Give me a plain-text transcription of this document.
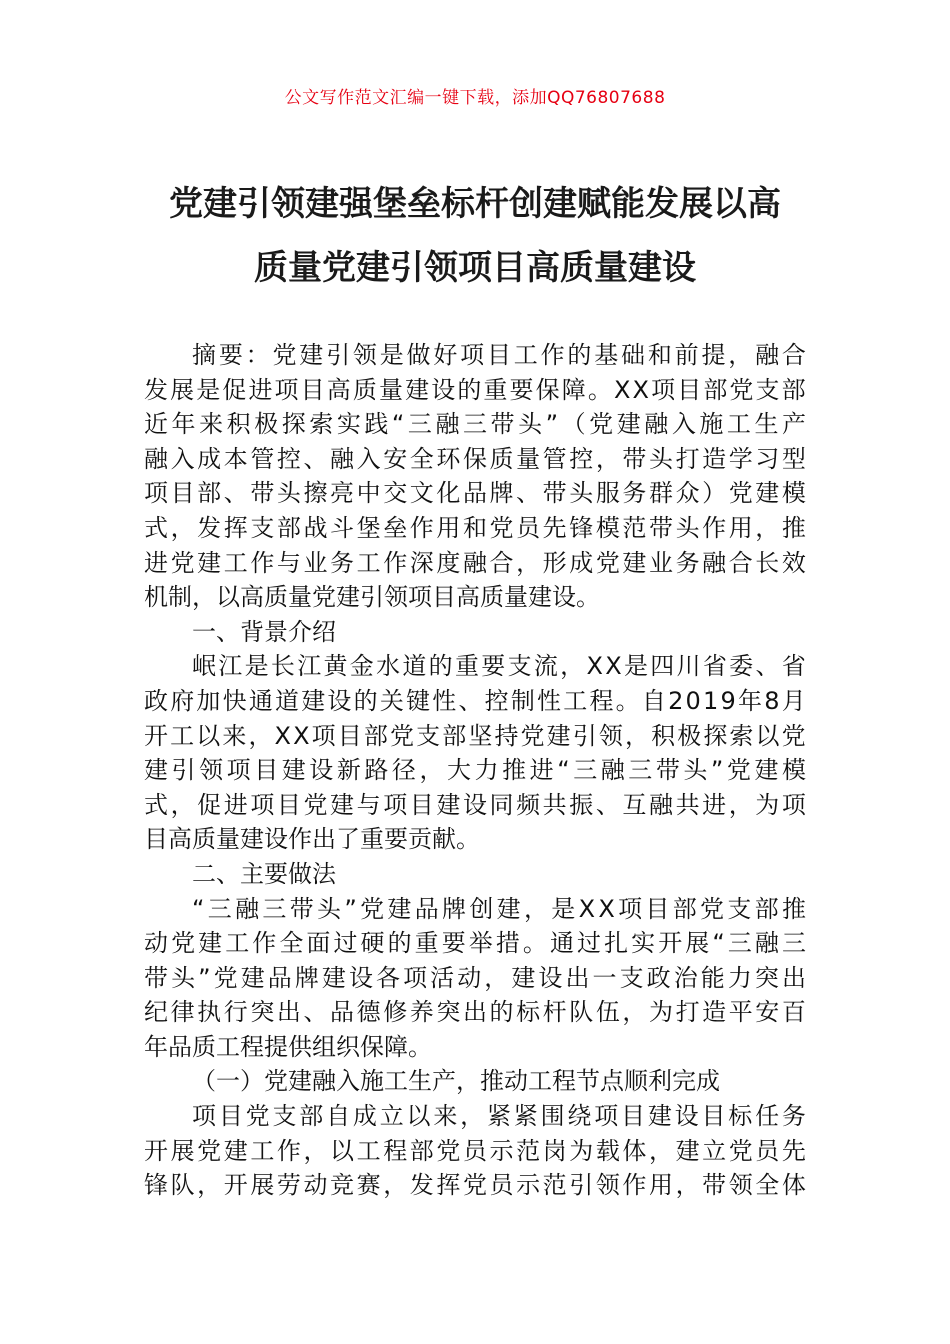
公文写作范文汇编一键下载，添加QQ76807688
党建引领建强堡垒标杆创建赋能发展以高
质量党建引领项目高质量建设
摘 要 ： 党 建 引 领 是 做 好 项 目 工 作 的 基 础 和 前 提 ， 融 合
发 展 是 促 进 项 目 高 质 量 建 设 的 重 要 保 障 。 X X 项 目 部 党 支 部
近 年 来 积 极 探 索 实 践 “ 三 融 三 带 头 ” （ 党 建 融 入 施 工 生 产
融 入 成 本 管 控 、 融 入 安 全 环 保 质 量 管 控 ， 带 头 打 造 学 习 型
项 目 部 、 带 头 擦 亮 中 交 文 化 品 牌 、 带 头 服 务 群 众 ） 党 建 模
式 ， 发 挥 支 部 战 斗 堡 垒 作 用 和 党 员 先 锋 模 范 带 头 作 用 ， 推
进 党 建 工 作 与 业 务 工 作 深 度 融 合 ， 形 成 党 建 业 务 融 合 长 效
机制，以高质量党建引领项目高质量建设。
一、背景介绍
岷 江 是 长 江 黄 金 水 道 的 重 要 支 流 ， X X 是 四 川 省 委 、 省
政 府 加 快 通 道 建 设 的 关 键 性 、 控 制 性 工 程 。 自 2 0 1 9 年 8 月
开 工 以 来 ， X X 项 目 部 党 支 部 坚 持 党 建 引 领 ， 积 极 探 索 以 党
建 引 领 项 目 建 设 新 路 径 ， 大 力 推 进 “ 三 融 三 带 头 ” 党 建 模
式 ， 促 进 项 目 党 建 与 项 目 建 设 同 频 共 振 、 互 融 共 进 ， 为 项
目高质量建设作出了重要贡献。
二、主要做法
“ 三 融 三 带 头 ” 党 建 品 牌 创 建 ， 是 X X 项 目 部 党 支 部 推
动 党 建 工 作 全 面 过 硬 的 重 要 举 措 。 通 过 扎 实 开 展 “ 三 融 三
带 头 ” 党 建 品 牌 建 设 各 项 活 动 ， 建 设 出 一 支 政 治 能 力 突 出
纪 律 执 行 突 出 、 品 德 修 养 突 出 的 标 杆 队 伍 ， 为 打 造 平 安 百
年品质工程提供组织保障。
（一）党建融入施工生产，推动工程节点顺利完成
项 目 党 支 部 自 成 立 以 来 ， 紧 紧 围 绕 项 目 建 设 目 标 任 务
开 展 党 建 工 作 ， 以 工 程 部 党 员 示 范 岗 为 载 体 ， 建 立 党 员 先
锋 队 ， 开 展 劳 动 竞 赛 ， 发 挥 党 员 示 范 引 领 作 用 ， 带 领 全 体
